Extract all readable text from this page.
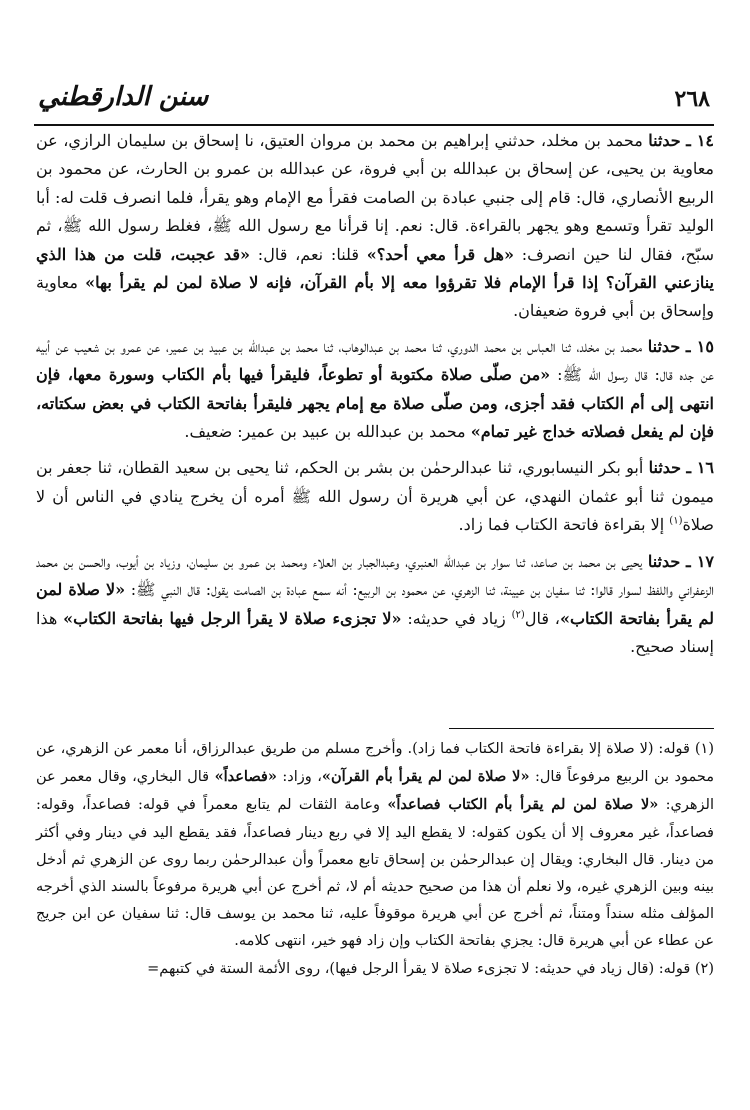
٢٦٨
سنن الدارقطني

١٤ ـ حدثنا محمد بن مخلد، حدثني إبراهيم بن محمد بن مروان العتيق، نا إسحاق بن سليمان الرازي، عن معاوية بن يحيى، عن إسحاق بن عبدالله بن أبي فروة، عن عبدالله بن عمرو بن الحارث، عن محمود بن الربيع الأنصاري، قال: قام إلى جنبي عبادة بن الصامت فقرأ مع الإمام وهو يقرأ، فلما انصرف قلت له: أبا الوليد تقرأ وتسمع وهو يجهر بالقراءة. قال: نعم. إنا قرأنا مع رسول الله ﷺ، فغلط رسول الله ﷺ، ثم سبّح، فقال لنا حين انصرف: «هل قرأ معي أحد؟» قلنا: نعم، قال: «قد عجبت، قلت من هذا الذي ينازعني القرآن؟ إذا قرأ الإمام فلا تقرؤوا معه إلا بأم القرآن، فإنه لا صلاة لمن لم يقرأ بها» معاوية وإسحاق بن أبي فروة ضعيفان.

١٥ ـ حدثنا محمد بن مخلد، ثنا العباس بن محمد الدوري، ثنا محمد بن عبدالوهاب، ثنا محمد بن عبدالله بن عبيد بن عمير، عن عمرو بن شعيب عن أبيه عن جده قال: قال رسول الله ﷺ: «من صلّى صلاة مكتوبة أو تطوعاً، فليقرأ فيها بأم الكتاب وسورة معها، فإن انتهى إلى أم الكتاب فقد أجزى، ومن صلّى صلاة مع إمام يجهر فليقرأ بفاتحة الكتاب في بعض سكتاته، فإن لم يفعل فصلاته خداج غير تمام» محمد بن عبدالله بن عبيد بن عمير: ضعيف.

١٦ ـ حدثنا أبو بكر النيسابوري، ثنا عبدالرحمٰن بن بشر بن الحكم، ثنا يحيى بن سعيد القطان، ثنا جعفر بن ميمون ثنا أبو عثمان النهدي، عن أبي هريرة أن رسول الله ﷺ أمره أن يخرج ينادي في الناس أن لا صلاة$^{(١)}$ إلا بقراءة فاتحة الكتاب فما زاد.

١٧ ـ حدثنا يحيى بن محمد بن صاعد، ثنا سوار بن عبدالله العنبري، وعبدالجبار بن العلاء ومحمد بن عمرو بن سليمان، وزياد بن أيوب، والحسن بن محمد الزعفراني واللفظ لسوار قالوا: ثنا سفيان بن عيينة، ثنا الزهري، عن محمود بن الربيع: أنه سمع عبادة بن الصامت يقول: قال النبي ﷺ: «لا صلاة لمن لم يقرأ بفاتحة الكتاب»، قال$^{(٢)}$ زياد في حديثه: «لا تجزىء صلاة لا يقرأ الرجل فيها بفاتحة الكتاب» هذا إسناد صحيح.

(١) قوله: (لا صلاة إلا بقراءة فاتحة الكتاب فما زاد). وأخرج مسلم من طريق عبدالرزاق، أنا معمر عن الزهري، عن محمود بن الربيع مرفوعاً قال: «لا صلاة لمن لم يقرأ بأم القرآن»، وزاد: «فصاعداً» قال البخاري، وقال معمر عن الزهري: «لا صلاة لمن لم يقرأ بأم الكتاب فصاعداً» وعامة الثقات لم يتابع معمراً في قوله: فصاعداً، وقوله: فصاعداً، غير معروف إلا أن يكون كقوله: لا يقطع اليد إلا في ربع دينار فصاعداً، فقد يقطع اليد في دينار وفي أكثر من دينار. قال البخاري: ويقال إن عبدالرحمٰن بن إسحاق تابع معمراً وأن عبدالرحمٰن ربما روى عن الزهري ثم أدخل بينه وبين الزهري غيره، ولا نعلم أن هذا من صحيح حديثه أم لا، ثم أخرج عن أبي هريرة مرفوعاً بالسند الذي أخرجه المؤلف مثله سنداً ومتناً، ثم أخرج عن أبي هريرة موقوفاً عليه، ثنا محمد بن يوسف قال: ثنا سفيان عن ابن جريج عن عطاء عن أبي هريرة قال: يجزي بفاتحة الكتاب وإن زاد فهو خير، انتهى كلامه.

(٢) قوله: (قال زياد في حديثه: لا تجزىء صلاة لا يقرأ الرجل فيها)، روى الأئمة الستة في كتبهم=
